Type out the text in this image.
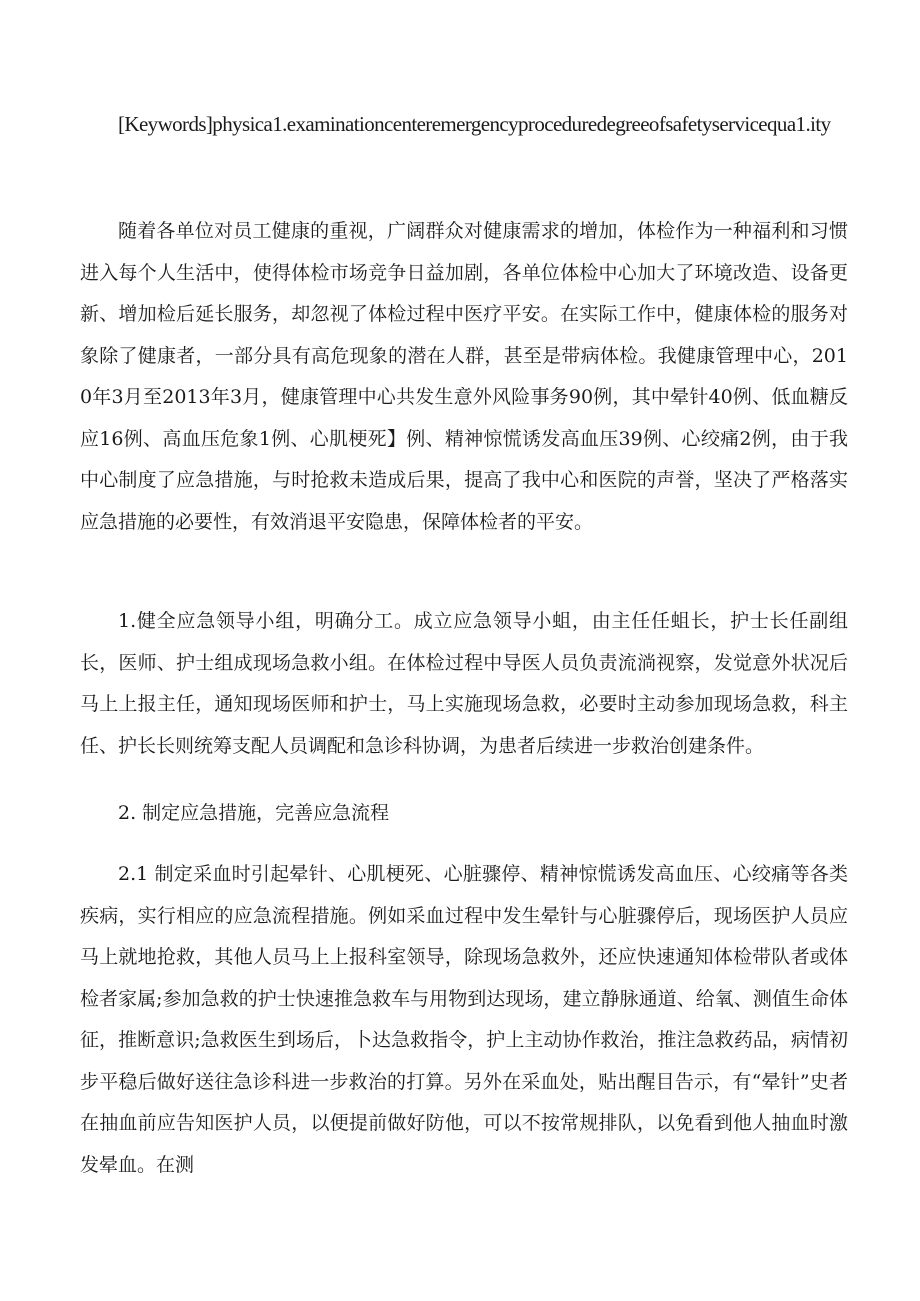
[Keywords]physica1.examinationcenteremergencyproceduredegreeofsafetyservicequa1.ity

随着各单位对员工健康的重视，广阔群众对健康需求的增加，体检作为一种福利和习惯进入每个人生活中，使得体检市场竞争日益加剧，各单位体检中心加大了环境改造、设备更新、增加检后延长服务，却忽视了体检过程中医疗平安。在实际工作中，健康体检的服务对象除了健康者，一部分具有高危现象的潜在人群，甚至是带病体检。我健康管理中心，2010年3月至2013年3月，健康管理中心共发生意外风险事务90例，其中晕针40例、低血糖反应16例、高血压危象1例、心肌梗死】例、精神惊慌诱发高血压39例、心绞痛2例，由于我中心制度了应急措施，与时抢救未造成后果，提高了我中心和医院的声誉，坚决了严格落实应急措施的必要性，有效消退平安隐患，保障体检者的平安。

1.健全应急领导小组，明确分工。成立应急领导小蛆，由主任任蛆长，护士长任副组长，医师、护士组成现场急救小组。在体检过程中导医人员负责流淌视察，发觉意外状况后马上上报主任，通知现场医师和护士，马上实施现场急救，必要时主动参加现场急救，科主任、护长长则统筹支配人员调配和急诊科协调，为患者后续进一步救治创建条件。

2. 制定应急措施，完善应急流程

2.1 制定采血时引起晕针、心肌梗死、心脏骤停、精神惊慌诱发高血压、心绞痛等各类疾病，实行相应的应急流程措施。例如采血过程中发生晕针与心脏骤停后，现场医护人员应马上就地抢救，其他人员马上上报科室领导，除现场急救外，还应快速通知体检带队者或体检者家属;参加急救的护士快速推急救车与用物到达现场，建立静脉通道、给氧、测值生命体征，推断意识;急救医生到场后，卜达急救指令，护上主动协作救治，推注急救药品，病情初步平稳后做好送往急诊科进一步救治的打算。另外在采血处，贴出醒目告示，有“晕针”史者在抽血前应告知医护人员，以便提前做好防他，可以不按常规排队，以免看到他人抽血时激发晕血。在测
